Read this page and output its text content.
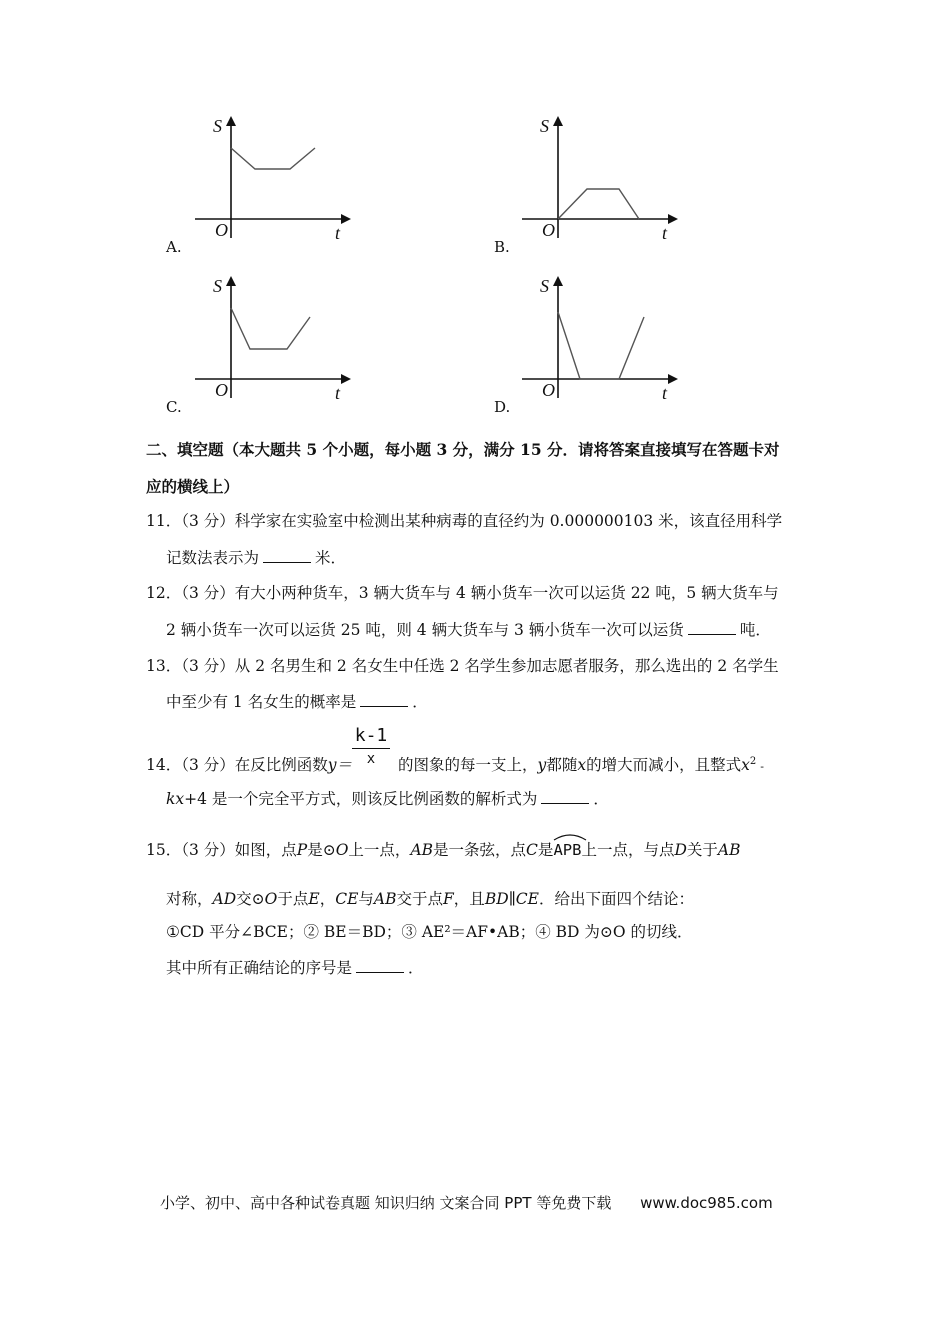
S
O	t
A.
S
O	t
B.
S
O	t
C.
S
O	t
D.
二、填空题（本大题共 5 个小题，每小题 3 分，满分 15 分．请将答案直接填写在答题卡对
应的横线上）
11．（3 分）科学家在实验室中检测出某种病毒的直径约为 0.000000103 米，该直径用科学
记数法表示为	米．
12．（3 分）有大小两种货车，3 辆大货车与 4 辆小货车一次可以运货 22 吨，5 辆大货车与
2 辆小货车一次可以运货 25 吨，则 4 辆大货车与 3 辆小货车一次可以运货	吨．
13．（3 分）从 2 名男生和 2 名女生中任选 2 名学生参加志愿者服务，那么选出的 2 名学生
中至少有 1 名女生的概率是	．
k-1
x
14．（3 分）在反比例函数y＝	的图象的每一支上，y都随x的增大而减小，且整式$x^2$ -
kx+4 是一个完全平方式，则该反比例函数的解析式为	．
15．（3 分）如图，点P是⊙O上一点，AB是一条弦，点C是
APB上一点，与点D关于AB
对称，AD交⊙O于点E，CE与AB交于点F，且BD∥CE．给出下面四个结论：
①CD 平分∠BCE；② BE＝BD；③ AE²＝AF•AB；④ BD 为⊙O 的切线．
其中所有正确结论的序号是	．
小学、初中、高中各种试卷真题 知识归纳 文案合同 PPT 等免费下载 www.doc985.com
